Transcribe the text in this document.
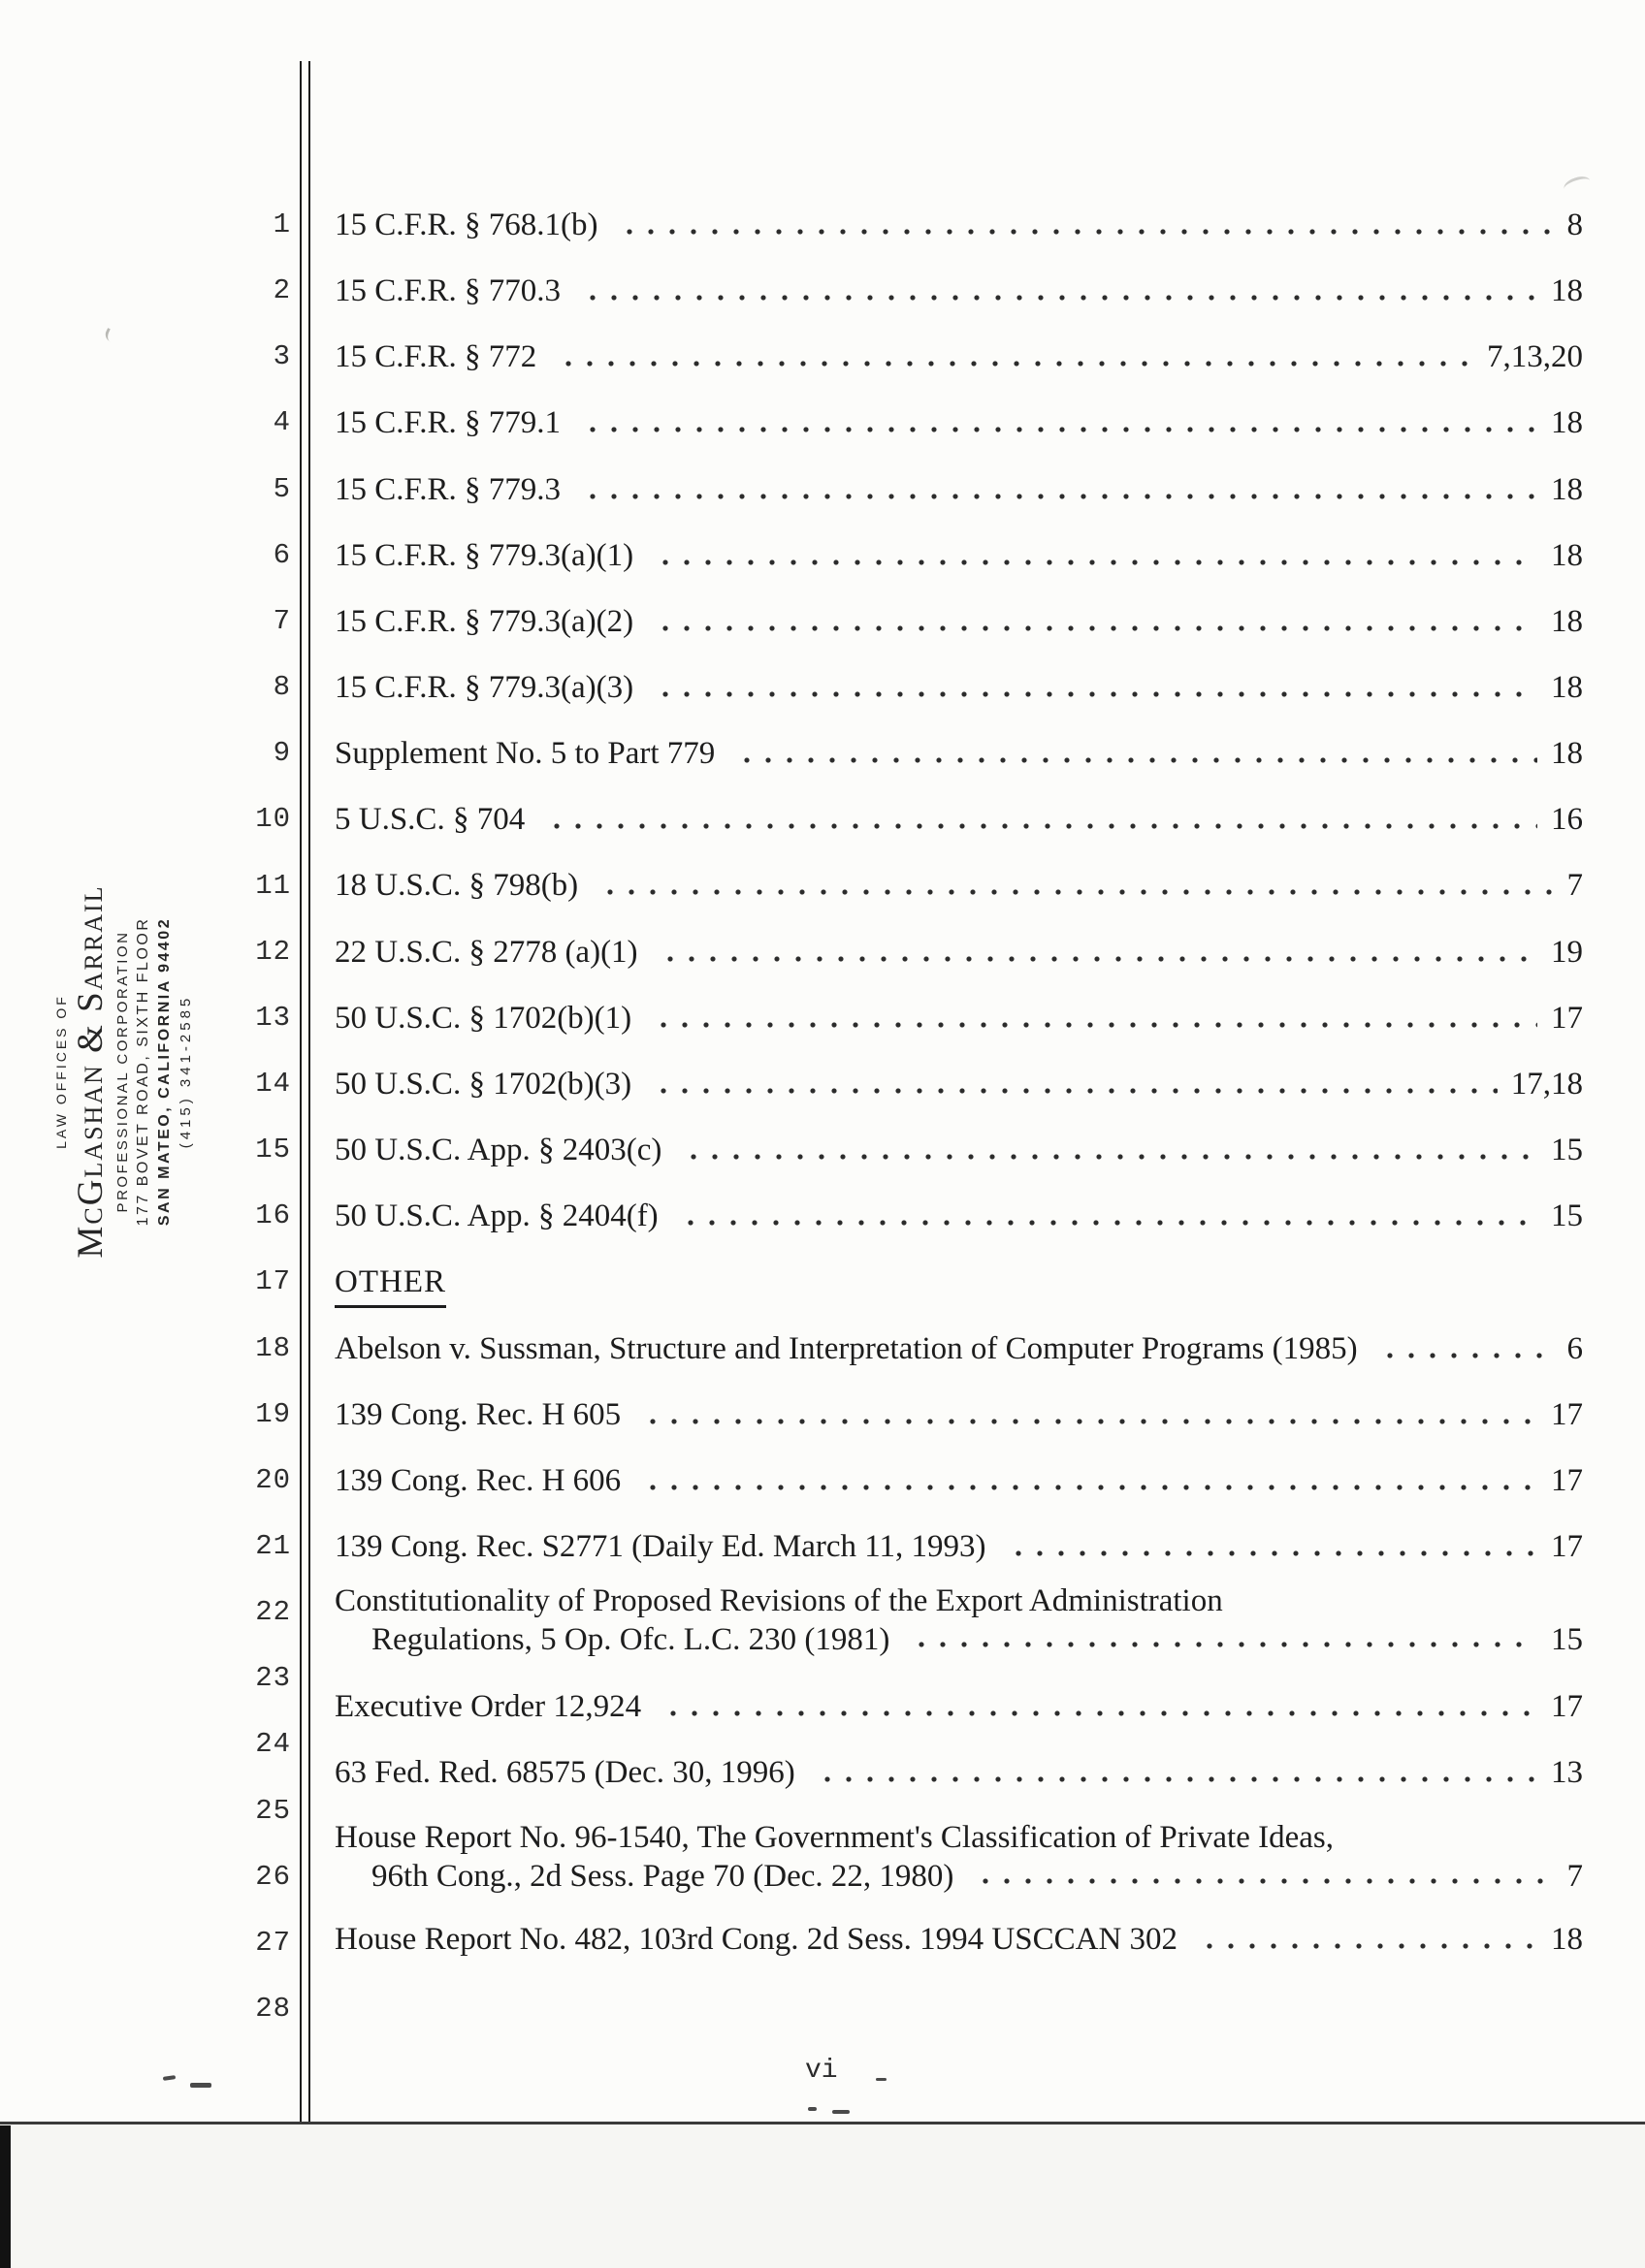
1
2
3
4
5
6
7
8
9
10
11
12
13
14
15
16
17
18
19
20
21
22
23
24
25
26
27
28
15 C.F.R. § 768.1(b)	8
15 C.F.R. § 770.3	18
15 C.F.R. § 772	7,13,20
15 C.F.R. § 779.1	18
15 C.F.R. § 779.3	18
15 C.F.R. § 779.3(a)(1)	18
15 C.F.R. § 779.3(a)(2)	18
15 C.F.R. § 779.3(a)(3)	18
Supplement No. 5 to Part 779	18
5 U.S.C. § 704	16
18 U.S.C. § 798(b)	7
22 U.S.C. § 2778 (a)(1)	19
50 U.S.C. § 1702(b)(1)	17
50 U.S.C. § 1702(b)(3)	17,18
50 U.S.C. App. § 2403(c)	15
50 U.S.C. App. § 2404(f)	15
OTHER
Abelson v. Sussman, Structure and Interpretation of Computer Programs (1985)	6
139 Cong. Rec. H 605	17
139 Cong. Rec. H 606	17
139 Cong. Rec. S2771 (Daily Ed. March 11, 1993)	17
Constitutionality of Proposed Revisions of the Export Administration
Regulations, 5 Op. Ofc. L.C. 230 (1981)	15
Executive Order 12,924	17
63 Fed. Red. 68575 (Dec. 30, 1996)	13
House Report No. 96-1540, The Government's Classification of Private Ideas,
96th Cong., 2d Sess. Page 70 (Dec. 22, 1980)	7
House Report No. 482, 103rd Cong. 2d Sess. 1994 USCCAN 302	18
LAW OFFICES OF McGlashan & Sarrail PROFESSIONAL CORPORATION 177 BOVET ROAD, SIXTH FLOOR SAN MATEO, CALIFORNIA 94402 (415) 341-2585
vi
